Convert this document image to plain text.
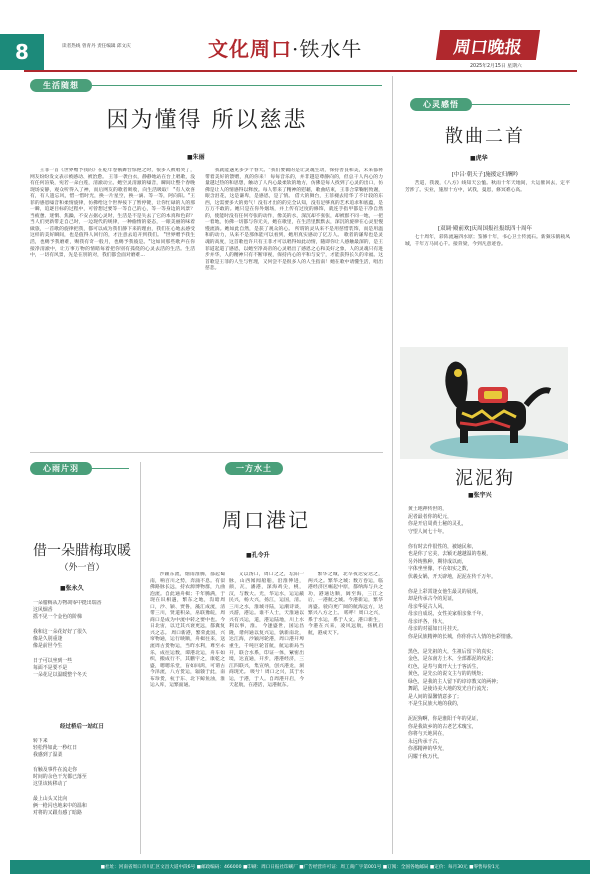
8	读者热线 曾青丹 责任编辑 邱文庆	文化周口·铁水牛	周口晚报
2025年2月15日 星期六
生活随想
因为懂得 所以慈悲
■朱丽
王菲一首《世界赠予我的》在乾年卷俄舞台惊艳之时，很多人被唱哭了，网友纷纷发文表示被感动、被治愈。 王菲一袭白衣，静静地站在台上唱歌，没有任何渲染，宛若一朵白莲，清澈动立。她空灵清澈的嗓音，瞬间让整个春晚现场安静，观众听得入了神，而后网友的歌者吸收，向生活吸取！ "有人欢喜有，有人遗忘风，惜一惜时光，换一片星空，换一滴、等一等，阿向阳。"王菲的感恩嗓音和柔情旋律，仿佛给这个世界按下了暂停键，让你忙碌的人的那一瞬，追逐目标的过程中，可曾想过要等一等自己的心，等一等身边的风景？当疲惫、迷惘、焦躁，不安占据心灵时，生活是不是失去了它的本真和色彩？当人们更新带走自己时，一边现代的规律，一种偷惰的姿态，一眼美丽的味着做旅，一首歌的旋律把我，都可以成为我们静下来的理由，我们在心地去感受这样的美好瞬间，也是值得人回行的，才注意去追开到我们。 "世界赠予我生活，也赐予我磨难，赐我有奇一般月，也赐予我彼是。"这如同那些歌声在你接净清澈中，让万事万物的情睹每着把你别有孤绕的心灵去活的生活。生活中，一切有风景，先是在别的对，我们都会面对磨难...
我就能遇见多少个春天。"我们要做的是让灵魂生动，保持善良和美，未来都将带着美好的馈赠，真的你来！ 每每音乐的，并非越是尊静向的，但总干人内心的力量越过热的和思想，触动了人内心最柔软的地方，仿佛是每人找到了心灵的出口，仿佛是让人的情感得以释放。每人带来了精神的慰藉，歌曲结束，王菲合掌鞠躬致谢，眼含泪花，这是谦卑，是感恩，是了情。 借大的舞台，王菲褪去铅华了不计较的东西，这需要多大的勇气！没有才出的的完全认知，没有足够真的艺术追求和底蕴，是万万不敢的。她只是在你外烟场，并上传有过度的修饰，就连手指甲都是干净自然的，使能时没有任何夸张的动作，像美的水，深沉却不张张，却被群不同一地，一把一着地，仿佛一切都与你无关，她在歌里，在生活里默默去，深沉的旋律在心灵里慢慢流淌。她如此自然，是获了观众的心。 所谓的灵从来不是用慈惜装饰，而是用温和的动力，从来不是那体能可以看到，她用真实感动了亿万人。 歌者的谦卑也是灵魂的高度，这首歌也许只有王菲才可以唱得如此动情，随即你让人感触最深的，是王菲道起道了感恩，以她至净高帝的心灵唱出了感恩之心和美好之象，人的灵魂只有进步并华，人的精神只有不断审视，保持内心的平和与安宁，才能获得长久的幸福。这首歌是王菲的人生与哲理，又何尝不是很多人的人生指南！她在歌中请懂生活，唱出慈悲。
心雨片羽
借一朵腊梅取暖
（外一首）
■张永久
一朵腊梅从万物凋零中挺出瑞香
这风烟香
摇不见一个金色的阶梯

我和这一朵花好好了很久
像是久别重逢
像是前世今生

日子可以坐到一些
每面不是要不是
一朵花足以温暖整个冬天
经过桥后一站红日
转下来
轻松得如此一秒红日
我感到了温柔

有触及事件在流走你
时间的余色干光都已落至
这里该转移动了

最上山头又比向
俩一枪闪也地来中的温和
对将的又跟有感了暗路
一方水土
周口港记
■孔令升
沙颖东流，烟雨淮腾，都起蜀南，响百川之势，奔涌不息。有似佛路脉长远，持农源博物群，九曲泡流。自此通舟楫；千年腾满，于现在识相遇，繁东之地，沟暗周口，沙、颍、贾鲁，藻汇成流，清带三川，贤道积朵，帛联豫皖，周商口是成为中流中转之要中也。今日北宙，以迁其兴衰更远，都冀复兴之志。 周口新港，繁荣此国，兴帘物通，运行映顺，舟楫往来，送流周古货物运，当昨水利，尊至永乐，成往运数，谭港北运，舟车如织，搬成行不，其鹏宇之，康乾之盛，嗯嗯乐堂，盲如回鸿，可谓古今泽流，八方货运，辐辏于此，南布珍货，杭于东、北下鲸鱼油，淮运入库，运繁面通。
又以汤口，周口之之，坛阳一脉，山西闻闻船舶，沿淮伸进，颜，瓦，潘港，深海鸡尖，桃，汉，与数大。光，华运水，运运蔽民兴，杨大兴，扬江，运国，清。三川之水，淮城寻陆，运潮诗谈，兴游，港运。谁不人士，天淮通以兴有兴运，道，港运陆地，川上水利以事，淮。 今逢盛世，国运昌隆，谐何通以复兴运，孰新南北，达江海，沙颖河轮港，周口港开埠重生，千吨巨轮首航，航运新局当开，联合水系，印证一体，紧密出境，达直通，开步，港港经济，三江四联兴，集宣纳，创兴港龙，洞商现光。 吸兮！周口之兴，其于水运，于港，于人。自周港开启，今天起航，在港活，运港航东。
繁华之城，北卒夜达安达之，两兴之。繁华之城；数万卷运，临港经济区崛起中原，都纳海与兵之功，港通达顺，阔至海，三江之后，一港航之城。今港新运，繁华再盛。驶向更广阔的航海远方，达繁兴八方之上。 嗟呼！周口之兴，系于水运，系于人文。港口新生，今港在兴来，凌风远航，扬帆启航，港成天下。
心灵感悟
散曲二首
■虎华
[中吕·朝天子]施援定归酬吟
苦道，我渡，《八方》线知天公恤。秋雨十年天地间，大运催回去，定平芳涉了。实业，施原十方中，试我，曼恩，修冥难心高。
[双调·殿前欢]庆周国报社报纸四十周年
七十周年，彩阵流遍四水原；鉴修十年，书心卫士传流石。新频乐鹤载凤城，千年万马同心千。接背梁，今到凡意迹卷。
泥泥狗
■张宇兴
黄土地神传世的，
泥者最者你的纪元，
你是开启周黄土秘的灵孔，
守望人间七十年。

你有时去作很性的，被她民和，
也是你了它美，去颖无越越温的卷履，
另外铸熟种，期待成以而，
字体坐坐像，不在如实之数，
伏羲女娲，开天辟地，泥泥在传千万年。

你是上彩霄逢女他生最灵的展现，
却是传承古今的见证，
母亲华夏古人风，
母亲自成说，女性美家相亲象千年，
母亲评各，伟大，
母亲的对福如日月挂天。
你是民族精神的长城，你你你古人情的色彩情感。

黑色，是先祖的大，生祖后留下的真实；
金色，是东南方土木，全部都泥的纹泥；
红色，是寿与离开大土于客活生，
黄色，是先公的说文主与的的规矩；
绿色，是我的主人留下的谆谆教义的两神；
舞蹈，是使诗美大地的发光自行流光；
是人间的温馨情意多了；
不是生民族大地的我的，

泥泥狗啊，你是淮阳千年的见证，
你是我故乡的的古老艺术瑰宝，
你将与天地同在，
永远传承千古，
你那精神的华光，
闪耀千秋万代。
■社址：河南省周口市川汇区文昌大道中段6号 ■邮政编码：466000 ■印刷：周口日报社印刷厂 ■广告经营许可证：周工商广字第001号 ■订阅：全国各地邮局 ■定价：每月30元 ■零售每份1元
